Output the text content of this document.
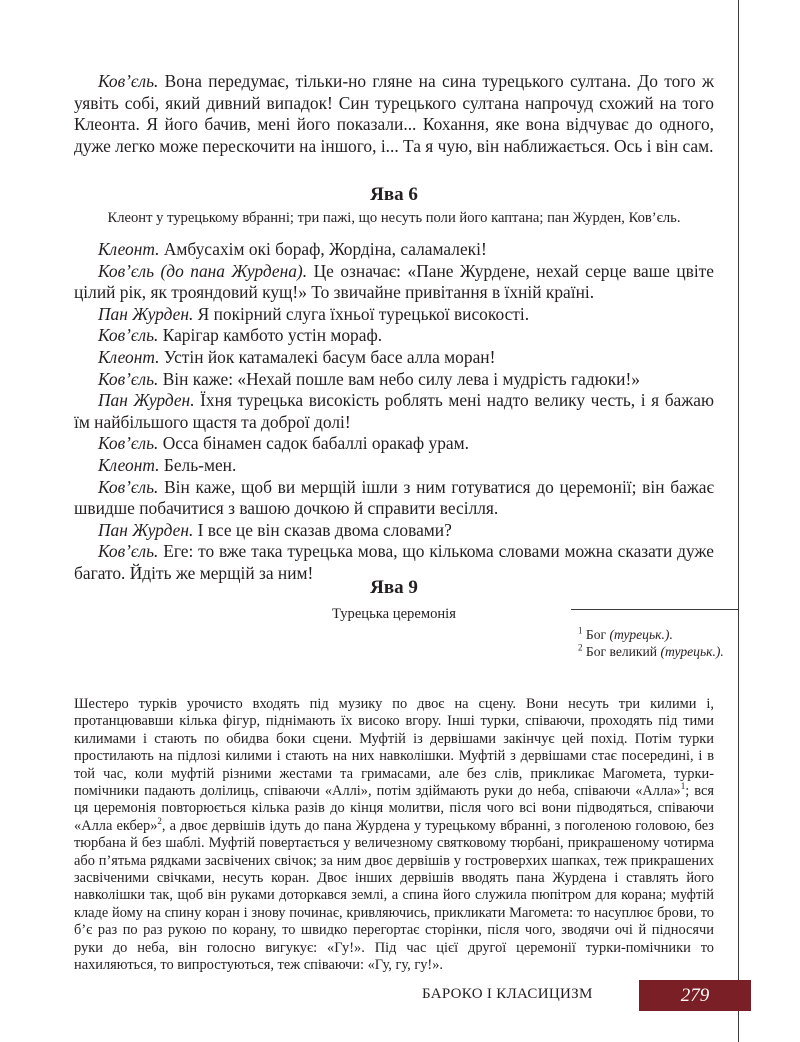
Ков’єль. Вона передумає, тільки-но гляне на сина турецького султана. До того ж уявіть собі, який дивний випадок! Син турецького султана напрочуд схожий на того Клеонта. Я його бачив, мені його показали... Кохання, яке вона відчуває до одного, дуже легко може перескочити на іншого, і... Та я чую, він наближається. Ось і він сам.

Ява 6

Клеонт у турецькому вбранні; три пажі, що несуть поли його каптана; пан Журден, Ков’єль.

Клеонт. Амбусахім окі бораф, Жордіна, саламалекі!

Ков’єль (до пана Журдена). Це означає: «Пане Журдене, нехай серце ваше цвіте цілий рік, як трояндовий кущ!» То звичайне привітання в їхній країні.

Пан Журден. Я покірний слуга їхньої турецької високості.

Ков’єль. Карігар камбото устін мораф.

Клеонт. Устін йок катамалекі басум басе алла моран!

Ков’єль. Він каже: «Нехай пошле вам небо силу лева і мудрість гадюки!»

Пан Журден. Їхня турецька високість роблять мені надто велику честь, і я бажаю їм найбільшого щастя та доброї долі!

Ков’єль. Осса бінамен садок бабаллі оракаф урам.

Клеонт. Бель-мен.

Ков’єль. Він каже, щоб ви мерщій ішли з ним готуватися до церемонії; він бажає швидше побачитися з вашою дочкою й справити весілля.

Пан Журден. І все це він сказав двома словами?

Ков’єль. Еге: то вже така турецька мова, що кількома словами можна сказати дуже багато. Йдіть же мерщій за ним!

Ява 9

Турецька церемонія

Шестеро турків урочисто входять під музику по двоє на сцену. Вони несуть три килими і, протанцювавши кілька фігур, піднімають їх високо вгору. Інші турки, співаючи, проходять під тими килимами і стають по обидва боки сцени. Муфтій із дервішами закінчує цей похід. Потім турки простилають на підлозі килими і стають на них навколішки. Муфтій з дервішами стає посередині, і в той час, коли муфтій різними жестами та гримасами, але без слів, прикликає Магомета, турки-помічники падають долілиць, співаючи «Аллі», потім здіймають руки до неба, співаючи «Алла»$^1$; вся ця церемонія повторюється кілька разів до кінця молитви, після чого всі вони підводяться, співаючи «Алла екбер»$^2$, а двоє дервішів ідуть до пана Журдена у турецькому вбранні, з поголеною головою, без тюрбана й без шаблі. Муфтій повертається у величезному святковому тюрбані, прикрашеному чотирма або п’ятьма рядками засвічених свічок; за ним двоє дервішів у гостроверхих шапках, теж прикрашених засвіченими свічками, несуть коран. Двоє інших дервішів вводять пана Журдена і ставлять його навколішки так, щоб він руками доторкався землі, а спина його служила пюпітром для корана; муфтій кладе йому на спину коран і знову починає, кривляючись, прикликати Магомета: то насуплює брови, то б’є раз по раз рукою по корану, то швидко перегортає сторінки, після чого, зводячи очі й підносячи руки до неба, він голосно вигукує: «Гу!». Під час цієї другої церемонії турки-помічники то нахиляються, то випростуються, теж співаючи: «Гу, гу, гу!».

$^1$ Бог (турецьк.).
$^2$ Бог великий (турецьк.).
БАРОКО І КЛАСИЦИЗМ	279
